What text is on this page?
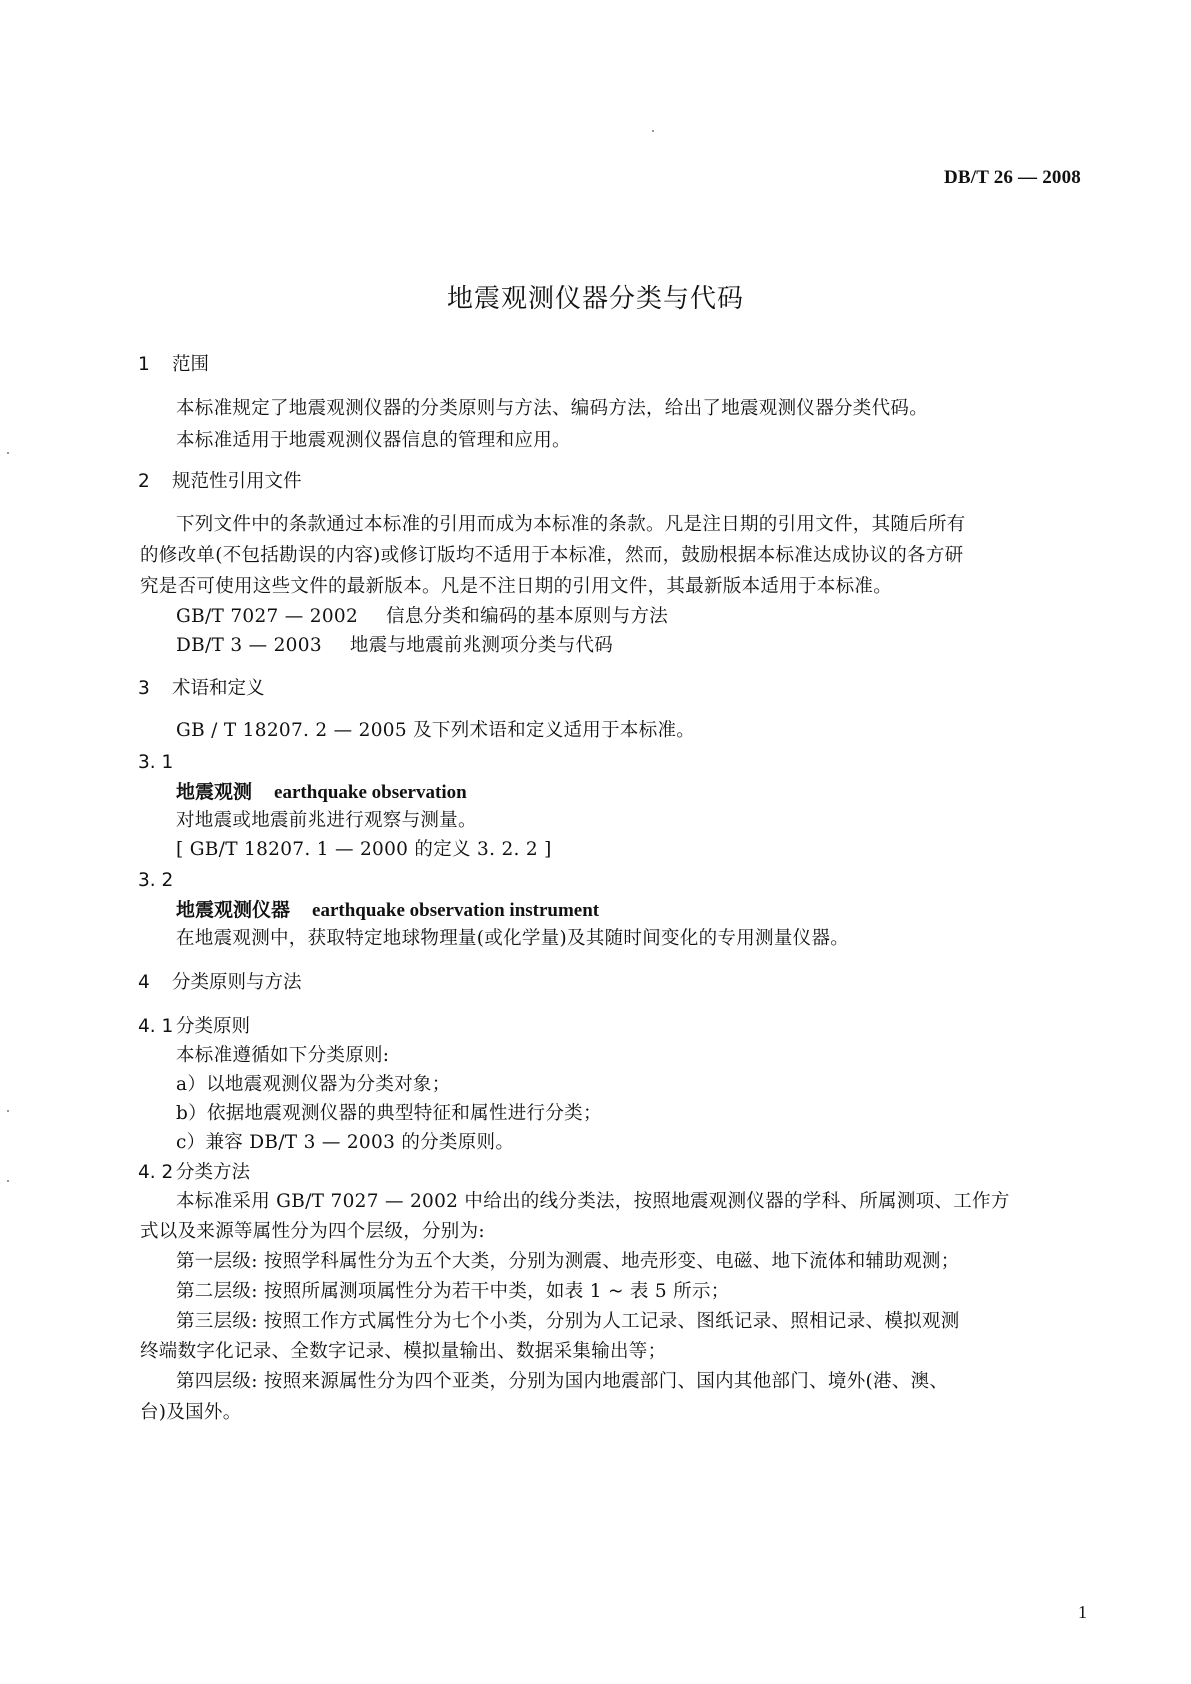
DB/T 26 — 2008
地震观测仪器分类与代码
1 范围
本标准规定了地震观测仪器的分类原则与方法、编码方法，给出了地震观测仪器分类代码。
本标准适用于地震观测仪器信息的管理和应用。
2 规范性引用文件
下列文件中的条款通过本标准的引用而成为本标准的条款。凡是注日期的引用文件，其随后所有
的修改单(不包括勘误的内容)或修订版均不适用于本标准，然而，鼓励根据本标准达成协议的各方研
究是否可使用这些文件的最新版本。凡是不注日期的引用文件，其最新版本适用于本标准。
GB/T 7027 — 2002 信息分类和编码的基本原则与方法
DB/T 3 — 2003 地震与地震前兆测项分类与代码
3 术语和定义
GB / T 18207. 2 — 2005 及下列术语和定义适用于本标准。
3. 1
地震观测 earthquake observation
对地震或地震前兆进行观察与测量。
[ GB/T 18207. 1 — 2000 的定义 3. 2. 2 ]
3. 2
地震观测仪器 earthquake observation instrument
在地震观测中，获取特定地球物理量(或化学量)及其随时间变化的专用测量仪器。
4 分类原则与方法
4. 1 分类原则
本标准遵循如下分类原则:
a）以地震观测仪器为分类对象；
b）依据地震观测仪器的典型特征和属性进行分类；
c）兼容 DB/T 3 — 2003 的分类原则。
4. 2 分类方法
本标准采用 GB/T 7027 — 2002 中给出的线分类法，按照地震观测仪器的学科、所属测项、工作方
式以及来源等属性分为四个层级，分别为:
第一层级: 按照学科属性分为五个大类，分别为测震、地壳形变、电磁、地下流体和辅助观测；
第二层级: 按照所属测项属性分为若干中类，如表 1 ~ 表 5 所示；
第三层级: 按照工作方式属性分为七个小类，分别为人工记录、图纸记录、照相记录、模拟观测
终端数字化记录、全数字记录、模拟量输出、数据采集输出等；
第四层级: 按照来源属性分为四个亚类，分别为国内地震部门、国内其他部门、境外(港、澳、
台)及国外。
1
